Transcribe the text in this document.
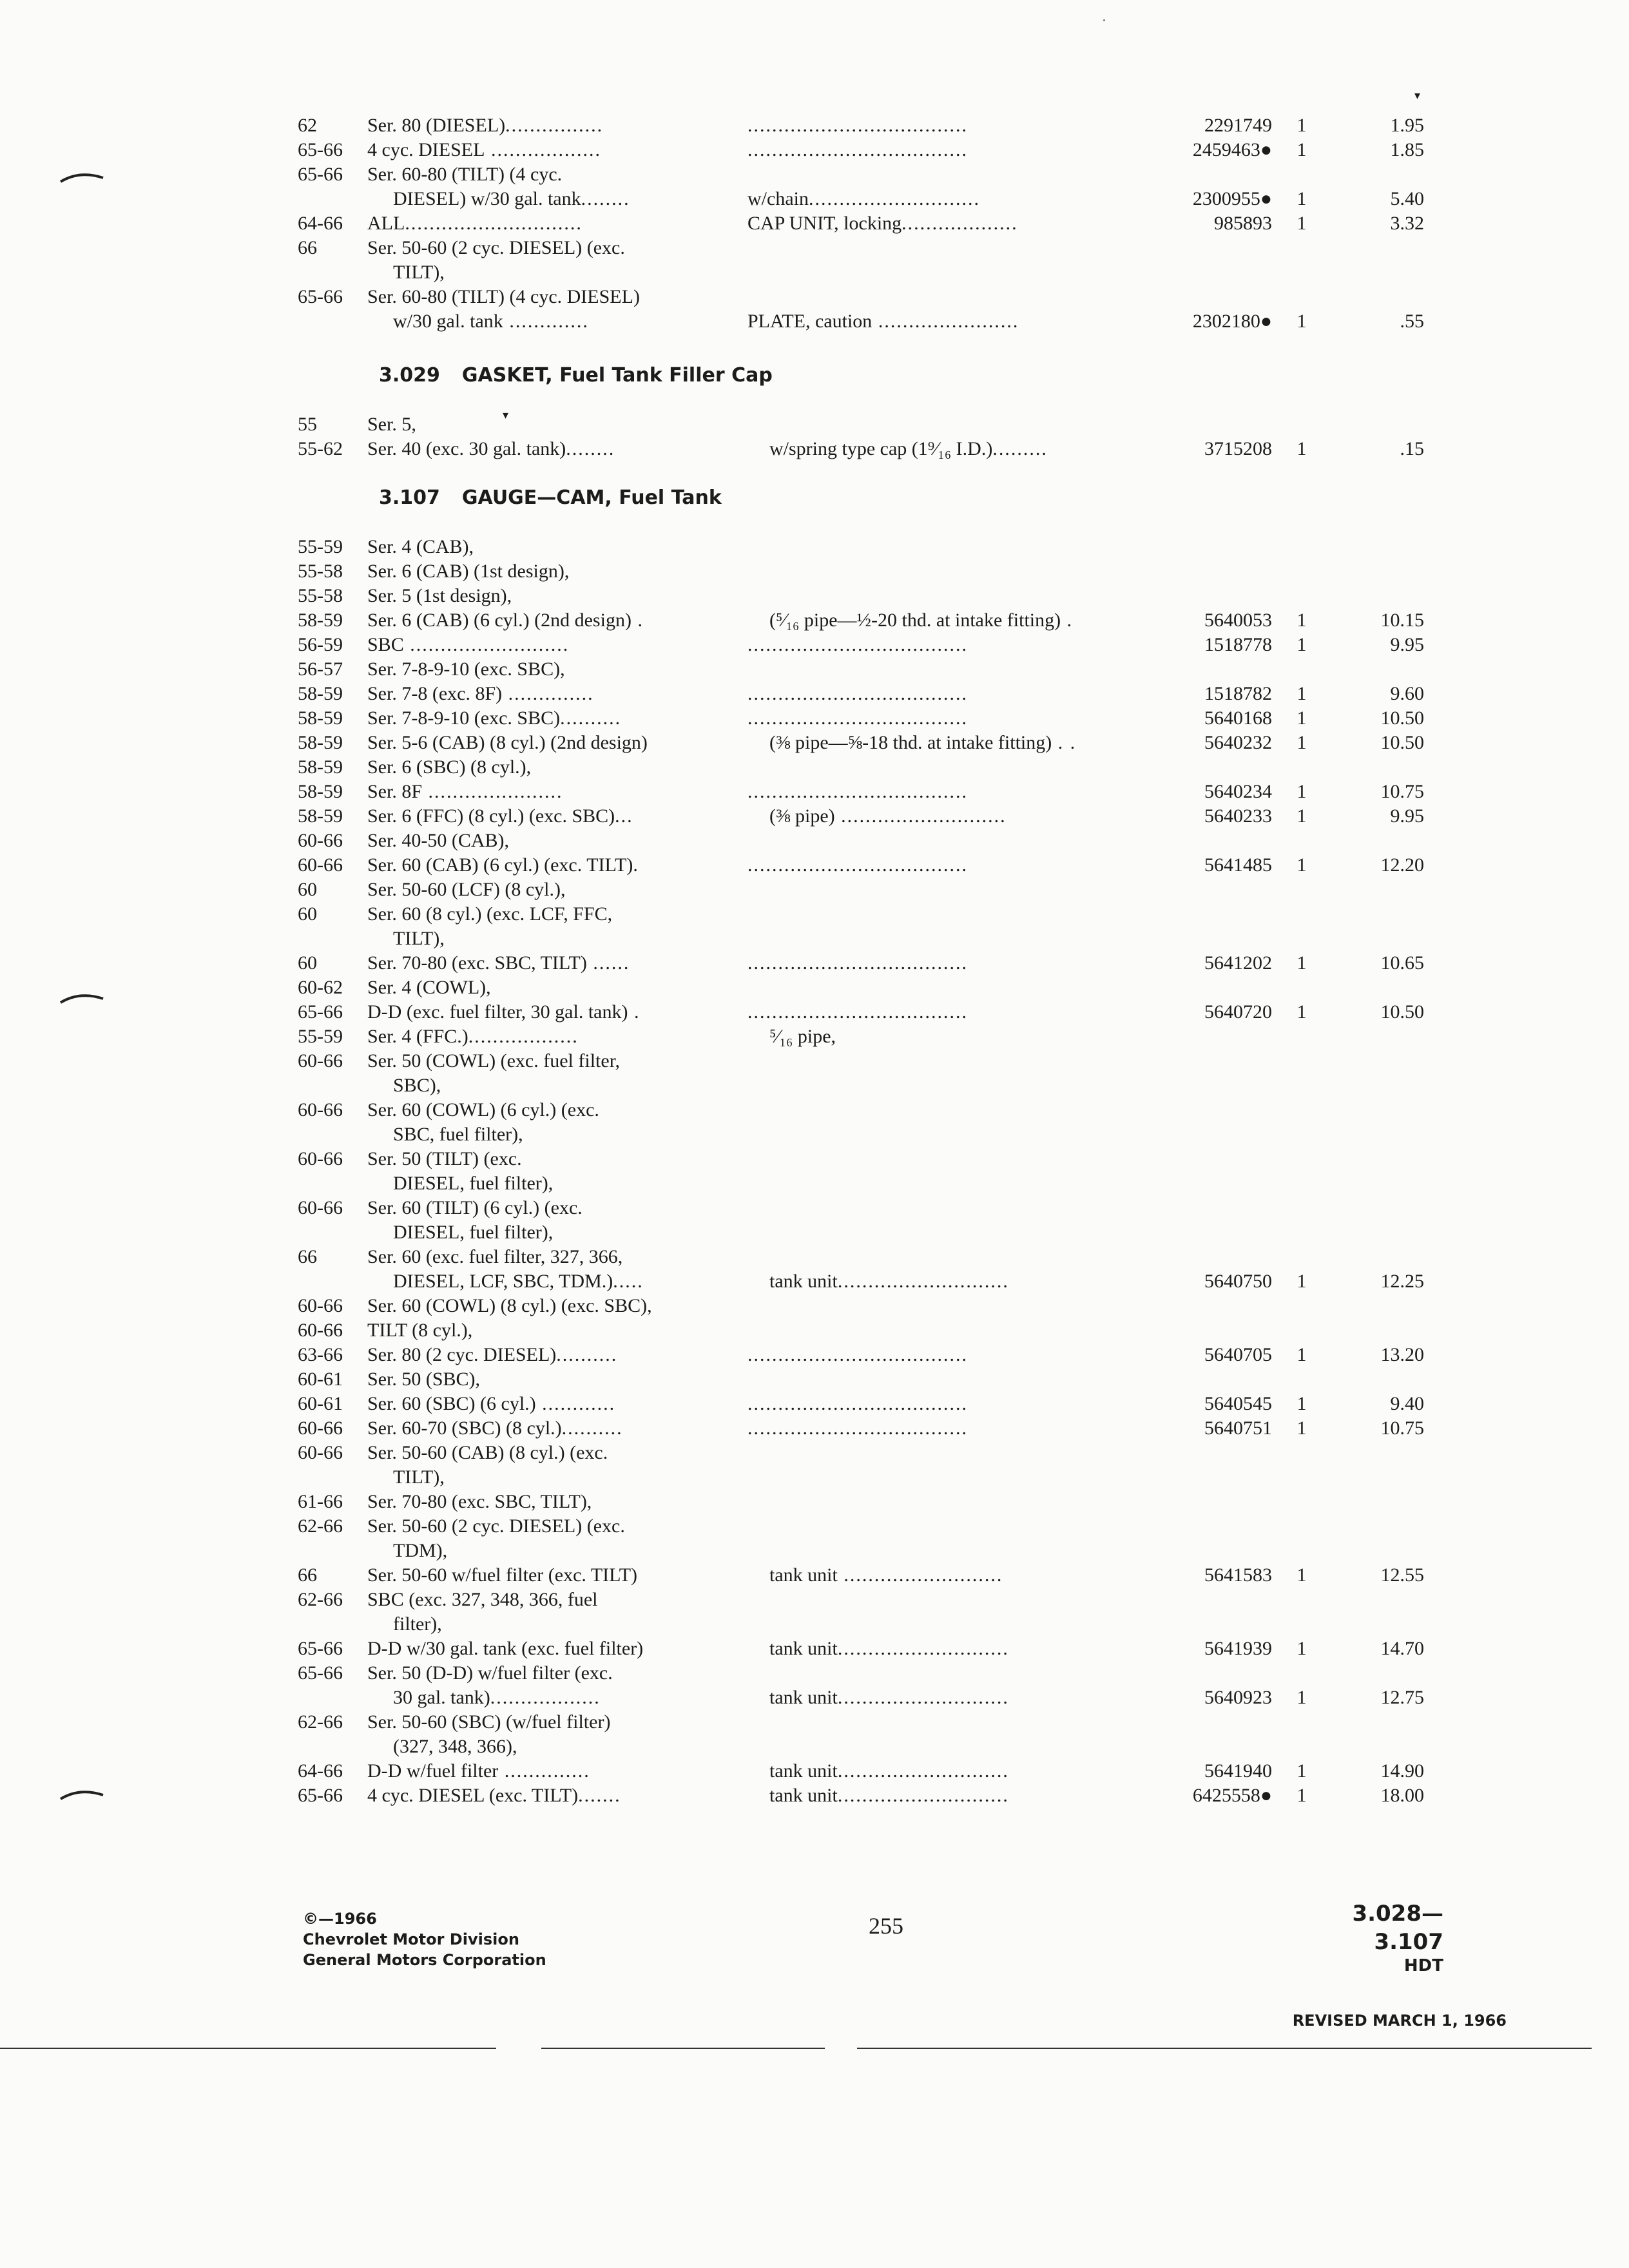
▾
▾
62	Ser. 80 (DIESEL)................	....................................	2291749 1	1.95
65-66 4 cyc. DIESEL ..................	....................................	2459463● 1	1.85
65-66 Ser. 60-80 (TILT) (4 cyc.
DIESEL) w/30 gal. tank........	w/chain............................	2300955● 1	5.40
64-66 ALL.............................	CAP UNIT, locking...................	985893 1	3.32
66	Ser. 50-60 (2 cyc. DIESEL) (exc.
TILT),
65-66 Ser. 60-80 (TILT) (4 cyc. DIESEL)
w/30 gal. tank .............	PLATE, caution .......................	2302180● 1	.55
55	Ser. 5,
55-62 Ser. 40 (exc. 30 gal. tank)........	w/spring type cap (1⁹⁄₁₆ I.D.).........	3715208 1	.15
55-59 Ser. 4 (CAB),
55-58 Ser. 6 (CAB) (1st design),
55-58 Ser. 5 (1st design),
58-59 Ser. 6 (CAB) (6 cyl.) (2nd design) .	(⁵⁄₁₆ pipe—½-20 thd. at intake fitting) .	5640053 1	10.15
56-59 SBC ..........................	....................................	1518778 1	9.95
56-57 Ser. 7-8-9-10 (exc. SBC),
58-59 Ser. 7-8 (exc. 8F) ..............	....................................	1518782 1	9.60
58-59 Ser. 7-8-9-10 (exc. SBC)..........	....................................	5640168 1	10.50
58-59 Ser. 5-6 (CAB) (8 cyl.) (2nd design)	(⅜ pipe—⅝-18 thd. at intake fitting) . .	5640232 1	10.50
58-59 Ser. 6 (SBC) (8 cyl.),
58-59 Ser. 8F ......................	....................................	5640234 1	10.75
58-59 Ser. 6 (FFC) (8 cyl.) (exc. SBC)...	(⅜ pipe) ...........................	5640233 1	9.95
60-66 Ser. 40-50 (CAB),
60-66 Ser. 60 (CAB) (6 cyl.) (exc. TILT).	....................................	5641485 1	12.20
60	Ser. 50-60 (LCF) (8 cyl.),
60	Ser. 60 (8 cyl.) (exc. LCF, FFC,
TILT),
60	Ser. 70-80 (exc. SBC, TILT) ......	....................................	5641202 1	10.65
60-62 Ser. 4 (COWL),
65-66 D-D (exc. fuel filter, 30 gal. tank) .	....................................	5640720 1	10.50
55-59 Ser. 4 (FFC.)..................	⁵⁄₁₆ pipe,
60-66 Ser. 50 (COWL) (exc. fuel filter,
SBC),
60-66 Ser. 60 (COWL) (6 cyl.) (exc.
SBC, fuel filter),
60-66 Ser. 50 (TILT) (exc.
DIESEL, fuel filter),
60-66 Ser. 60 (TILT) (6 cyl.) (exc.
DIESEL, fuel filter),
66	Ser. 60 (exc. fuel filter, 327, 366,
DIESEL, LCF, SBC, TDM.).....	tank unit............................	5640750 1	12.25
60-66 Ser. 60 (COWL) (8 cyl.) (exc. SBC),
60-66 TILT (8 cyl.),
63-66 Ser. 80 (2 cyc. DIESEL)..........	....................................	5640705 1	13.20
60-61 Ser. 50 (SBC),
60-61 Ser. 60 (SBC) (6 cyl.) ............	....................................	5640545 1	9.40
60-66 Ser. 60-70 (SBC) (8 cyl.)..........	....................................	5640751 1	10.75
60-66 Ser. 50-60 (CAB) (8 cyl.) (exc.
TILT),
61-66 Ser. 70-80 (exc. SBC, TILT),
62-66 Ser. 50-60 (2 cyc. DIESEL) (exc.
TDM),
66	Ser. 50-60 w/fuel filter (exc. TILT)	tank unit ..........................	5641583 1	12.55
62-66 SBC (exc. 327, 348, 366, fuel
filter),
65-66 D-D w/30 gal. tank (exc. fuel filter)	tank unit............................	5641939 1	14.70
65-66 Ser. 50 (D-D) w/fuel filter (exc.
30 gal. tank)..................	tank unit............................	5640923 1	12.75
62-66 Ser. 50-60 (SBC) (w/fuel filter)
(327, 348, 366),
64-66 D-D w/fuel filter ..............	tank unit............................	5641940 1	14.90
65-66 4 cyc. DIESEL (exc. TILT).......	tank unit............................	6425558● 1	18.00
3.029 GASKET, Fuel Tank Filler Cap
3.107 GAUGE—CAM, Fuel Tank
©—1966
Chevrolet Motor Division
General Motors Corporation
255	3.028—3.107
HDT
REVISED MARCH 1, 1966
